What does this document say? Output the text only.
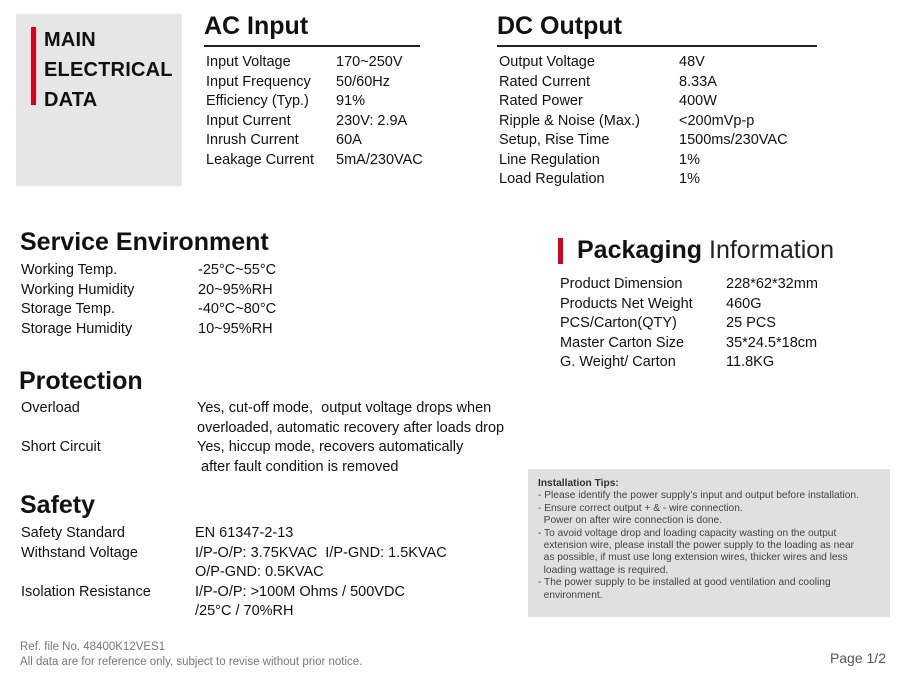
MAIN
ELECTRICAL
DATA
AC Input
Input Voltage	170~250V
Input Frequency 50/60Hz
Efficiency (Typ.) 91%
Input Current	230V: 2.9A
Inrush Current	60A
Leakage Current 5mA/230VAC
DC Output
Output Voltage	48V
Rated Current	8.33A
Rated Power	400W
Ripple & Noise (Max.)	<200mVp-p
Setup, Rise Time	1500ms/230VAC
Line Regulation	1%
Load Regulation	1%
Service Environment
Working Temp.	-25°C~55°C
Working Humidity	20~95%RH
Storage Temp.	-40°C~80°C
Storage Humidity	10~95%RH
Packaging Information
Product Dimension	228*62*32mm
Products Net Weight 460G
PCS/Carton(QTY)	25 PCS
Master Carton Size	35*24.5*18cm
G. Weight/ Carton	11.8KG
Protection
Overload	Yes, cut-off mode,  output voltage drops when
overloaded, automatic recovery after loads drop
Short Circuit	Yes, hiccup mode, recovers automatically
after fault condition is removed
Safety
Safety Standard	EN 61347-2-13
Withstand Voltage	I/P-O/P: 3.75KVAC  I/P-GND: 1.5KVAC
O/P-GND: 0.5KVAC
Isolation Resistance	I/P-O/P: >100M Ohms / 500VDC
/25°C / 70%RH
Installation Tips:
- Please identify the power supply’s input and output before installation.
- Ensure correct output + & - wire connection.
Power on after wire connection is done.
- To avoid voltage drop and loading capacity wasting on the output
extension wire, please install the power supply to the loading as near
as possible, if must use long extension wires, thicker wires and less
loading wattage is required.
- The power supply to be installed at good ventilation and cooling
environment.
Ref. file No. 48400K12VES1
All data are for reference only, subject to revise without prior notice.	Page 1/2
